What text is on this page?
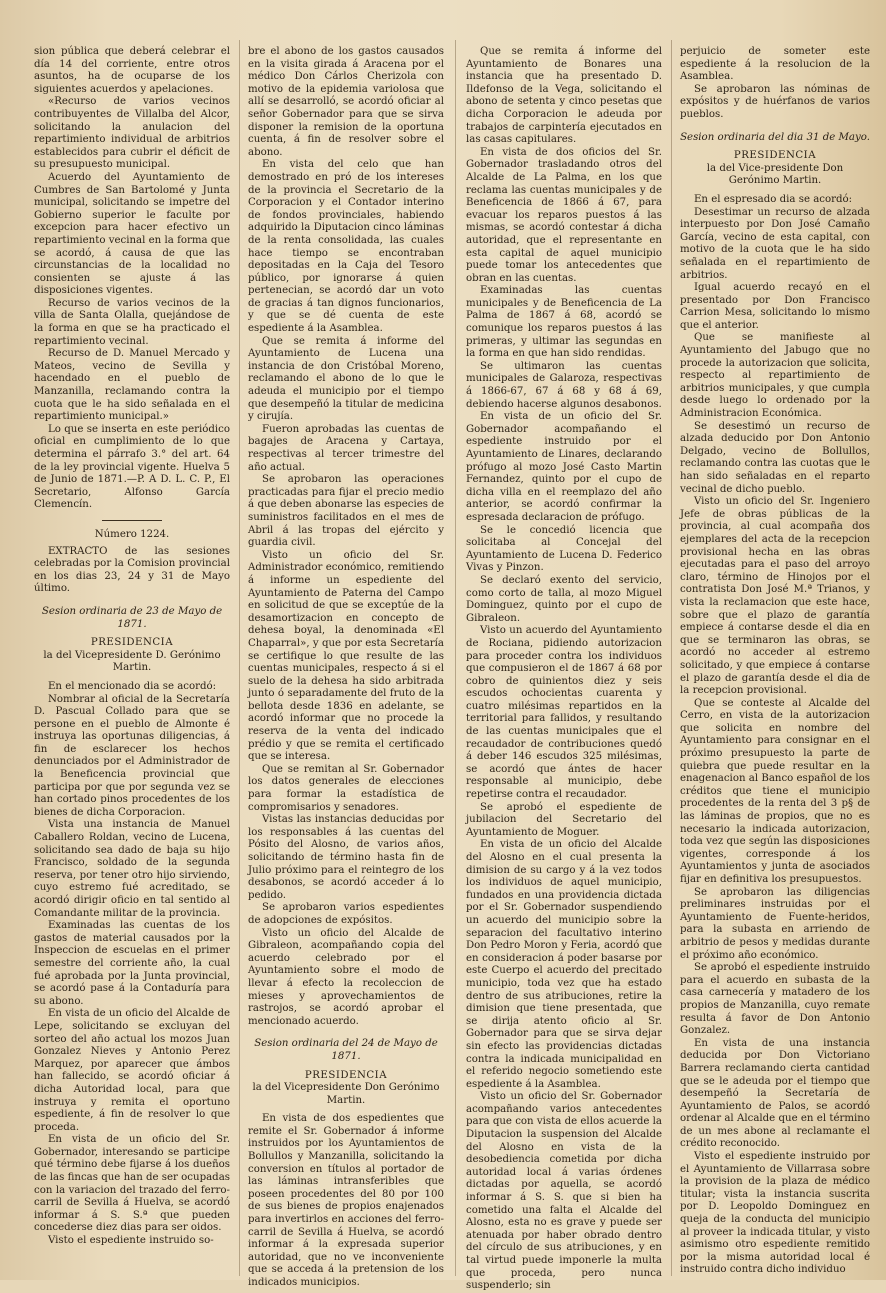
sion pública que deberá celebrar el día 14 del corriente, entre otros asuntos, ha de ocuparse de los siguientes acuerdos y apelaciones.

«Recurso de varios vecinos contribuyentes de Villalba del Alcor, solicitando la anulacion del repartimiento individual de arbitrios establecidos para cubrir el déficit de su presupuesto municipal.

Acuerdo del Ayuntamiento de Cumbres de San Bartolomé y Junta municipal, solicitando se impetre del Gobierno superior le faculte por excepcion para hacer efectivo un repartimiento vecinal en la forma que se acordó, á causa de que las circunstancias de la localidad no consienten se ajuste á las disposiciones vigentes.

Recurso de varios vecinos de la villa de Santa Olalla, quejándose de la forma en que se ha practicado el repartimiento vecinal.

Recurso de D. Manuel Mercado y Mateos, vecino de Sevilla y hacendado en el pueblo de Manzanilla, reclamando contra la cuota que le ha sido señalada en el repartimiento municipal.»

Lo que se inserta en este periódico oficial en cumplimiento de lo que determina el párrafo 3.° del art. 64 de la ley provincial vigente. Huelva 5 de Junio de 1871.—P. A D. L. C. P., El Secretario, Alfonso García Clemencín.

Número 1224.

EXTRACTO de las sesiones celebradas por la Comision provincial en los dias 23, 24 y 31 de Mayo último.

Sesion ordinaria de 23 de Mayo de 1871.

PRESIDENCIA

la del Vicepresidente D. Gerónimo Martin.

En el mencionado dia se acordó:

Nombrar al oficial de la Secretaría D. Pascual Collado para que se persone en el pueblo de Almonte é instruya las oportunas diligencias, á fin de esclarecer los hechos denunciados por el Administrador de la Beneficencia provincial que participa por que por segunda vez se han cortado pinos procedentes de los bienes de dicha Corporacion.

Vista una instancia de Manuel Caballero Roldan, vecino de Lucena, solicitando sea dado de baja su hijo Francisco, soldado de la segunda reserva, por tener otro hijo sirviendo, cuyo estremo fué acreditado, se acordó dirigir oficio en tal sentido al Comandante militar de la provincia.

Examinadas las cuentas de los gastos de material causados por la Inspeccion de escuelas en el primer semestre del corriente año, la cual fué aprobada por la Junta provincial, se acordó pase á la Contaduría para su abono.

En vista de un oficio del Alcalde de Lepe, solicitando se excluyan del sorteo del año actual los mozos Juan Gonzalez Nieves y Antonio Perez Marquez, por aparecer que ámbos han fallecido, se acordó oficiar á dicha Autoridad local, para que instruya y remita el oportuno espediente, á fin de resolver lo que proceda.

En vista de un oficio del Sr. Gobernador, interesando se participe qué término debe fijarse á los dueños de las fincas que han de ser ocupadas con la variacion del trazado del ferro-carril de Sevilla á Huelva, se acordó informar á S. S.ª que pueden concederse diez dias para ser oidos.

Visto el espediente instruido so-

bre el abono de los gastos causados en la visita girada á Aracena por el médico Don Cárlos Cherizola con motivo de la epidemia variolosa que allí se desarrolló, se acordó oficiar al señor Gobernador para que se sirva disponer la remision de la oportuna cuenta, á fin de resolver sobre el abono.

En vista del celo que han demostrado en pró de los intereses de la provincia el Secretario de la Corporacion y el Contador interino de fondos provinciales, habiendo adquirido la Diputacion cinco láminas de la renta consolidada, las cuales hace tiempo se encontraban depositadas en la Caja del Tesoro público, por ignorarse á quien pertenecian, se acordó dar un voto de gracias á tan dignos funcionarios, y que se dé cuenta de este espediente á la Asamblea.

Que se remita á informe del Ayuntamiento de Lucena una instancia de don Cristóbal Moreno, reclamando el abono de lo que le adeuda el municipio por el tiempo que desempeñó la titular de medicina y cirujía.

Fueron aprobadas las cuentas de bagajes de Aracena y Cartaya, respectivas al tercer trimestre del año actual.

Se aprobaron las operaciones practicadas para fijar el precio medio á que deben abonarse las especies de suministros facilitados en el mes de Abril á las tropas del ejército y guardia civil.

Visto un oficio del Sr. Administrador económico, remitiendo á informe un espediente del Ayuntamiento de Paterna del Campo en solicitud de que se exceptúe de la desamortizacion en concepto de dehesa boyal, la denominada «El Chaparral», y que por esta Secretaría se certifique lo que resulte de las cuentas municipales, respecto á si el suelo de la dehesa ha sido arbitrada junto ó separadamente del fruto de la bellota desde 1836 en adelante, se acordó informar que no procede la reserva de la venta del indicado prédio y que se remita el certificado que se interesa.

Que se remitan al Sr. Gobernador los datos generales de elecciones para formar la estadística de compromisarios y senadores.

Vistas las instancias deducidas por los responsables á las cuentas del Pósito del Alosno, de varios años, solicitando de término hasta fin de Julio próximo para el reintegro de los desabonos, se acordó acceder á lo pedido.

Se aprobaron varios espedientes de adopciones de expósitos.

Visto un oficio del Alcalde de Gibraleon, acompañando copia del acuerdo celebrado por el Ayuntamiento sobre el modo de llevar á efecto la recoleccion de mieses y aprovechamientos de rastrojos, se acordó aprobar el mencionado acuerdo.

Sesion ordinaria del 24 de Mayo de 1871.

PRESIDENCIA

la del Vicepresidente Don Gerónimo Martin.

En vista de dos espedientes que remite el Sr. Gobernador á informe instruidos por los Ayuntamientos de Bollullos y Manzanilla, solicitando la conversion en títulos al portador de las láminas intransferibles que poseen procedentes del 80 por 100 de sus bienes de propios enajenados para invertirlos en acciones del ferro-carril de Sevilla á Huelva, se acordó informar á la expresada superior autoridad, que no ve inconveniente que se acceda á la pretension de los indicados municipios.

Que se remita á informe del Ayuntamiento de Bonares una instancia que ha presentado D. Ildefonso de la Vega, solicitando el abono de setenta y cinco pesetas que dicha Corporacion le adeuda por trabajos de carpintería ejecutados en las casas capitulares.

En vista de dos oficios del Sr. Gobernador trasladando otros del Alcalde de La Palma, en los que reclama las cuentas municipales y de Beneficencia de 1866 á 67, para evacuar los reparos puestos á las mismas, se acordó contestar á dicha autoridad, que el representante en esta capital de aquel municipio puede tomar los antecedentes que obran en las cuentas.

Examinadas las cuentas municipales y de Beneficencia de La Palma de 1867 á 68, acordó se comunique los reparos puestos á las primeras, y ultimar las segundas en la forma en que han sido rendidas.

Se ultimaron las cuentas municipales de Galaroza, respectivas á 1866-67, 67 á 68 y 68 á 69, debiendo hacerse algunos desabonos.

En vista de un oficio del Sr. Gobernador acompañando el espediente instruido por el Ayuntamiento de Linares, declarando prófugo al mozo José Casto Martin Fernandez, quinto por el cupo de dicha villa en el reemplazo del año anterior, se acordó confirmar la espresada declaracion de prófugo.

Se le concedió licencia que solicitaba al Concejal del Ayuntamiento de Lucena D. Federico Vivas y Pinzon.

Se declaró exento del servicio, como corto de talla, al mozo Miguel Dominguez, quinto por el cupo de Gibraleon.

Visto un acuerdo del Ayuntamiento de Rociana, pidiendo autorizacion para proceder contra los individuos que compusieron el de 1867 á 68 por cobro de quinientos diez y seis escudos ochocientas cuarenta y cuatro milésimas repartidos en la territorial para fallidos, y resultando de las cuentas municipales que el recaudador de contribuciones quedó á deber 146 escudos 325 milésimas, se acordó que ántes de hacer responsable al municipio, debe repetirse contra el recaudador.

Se aprobó el espediente de jubilacion del Secretario del Ayuntamiento de Moguer.

En vista de un oficio del Alcalde del Alosno en el cual presenta la dimision de su cargo y á la vez todos los individuos de aquel municipio, fundados en una providencia dictada por el Sr. Gobernador suspendiendo un acuerdo del municipio sobre la separacion del facultativo interino Don Pedro Moron y Feria, acordó que en consideracion á poder basarse por este Cuerpo el acuerdo del precitado municipio, toda vez que ha estado dentro de sus atribuciones, retire la dimision que tiene presentada, que se dirija atento oficio al Sr. Gobernador para que se sirva dejar sin efecto las providencias dictadas contra la indicada municipalidad en el referido negocio sometiendo este espediente á la Asamblea.

Visto un oficio del Sr. Gobernador acompañando varios antecedentes para que con vista de ellos acuerde la Diputacion la suspension del Alcalde del Alosno en vista de la desobediencia cometida por dicha autoridad local á varias órdenes dictadas por aquella, se acordó informar á S. S. que si bien ha cometido una falta el Alcalde del Alosno, esta no es grave y puede ser atenuada por haber obrado dentro del círculo de sus atribuciones, y en tal virtud puede imponerle la multa que proceda, pero nunca suspenderlo; sin

perjuicio de someter este espediente á la resolucion de la Asamblea.

Se aprobaron las nóminas de expósitos y de huérfanos de varios pueblos.

Sesion ordinaria del dia 31 de Mayo.

PRESIDENCIA

la del Vice-presidente Don Gerónimo Martin.

En el espresado dia se acordó:

Desestimar un recurso de alzada interpuesto por Don José Camaño García, vecino de esta capital, con motivo de la cuota que le ha sido señalada en el repartimiento de arbitrios.

Igual acuerdo recayó en el presentado por Don Francisco Carrion Mesa, solicitando lo mismo que el anterior.

Que se manifieste al Ayuntamiento del Jabugo que no procede la autorizacion que solicita, respecto al repartimiento de arbitrios municipales, y que cumpla desde luego lo ordenado por la Administracion Económica.

Se desestimó un recurso de alzada deducido por Don Antonio Delgado, vecino de Bollullos, reclamando contra las cuotas que le han sido señaladas en el reparto vecinal de dicho pueblo.

Visto un oficio del Sr. Ingeniero Jefe de obras públicas de la provincia, al cual acompaña dos ejemplares del acta de la recepcion provisional hecha en las obras ejecutadas para el paso del arroyo claro, término de Hinojos por el contratista Don José M.ª Trianos, y vista la reclamacion que este hace, sobre que el plazo de garantía empiece á contarse desde el dia en que se terminaron las obras, se acordó no acceder al estremo solicitado, y que empiece á contarse el plazo de garantía desde el dia de la recepcion provisional.

Que se conteste al Alcalde del Cerro, en vista de la autorizacion que solicita en nombre del Ayuntamiento para consignar en el próximo presupuesto la parte de quiebra que puede resultar en la enagenacion al Banco español de los créditos que tiene el municipio procedentes de la renta del 3 p§ de las láminas de propios, que no es necesario la indicada autorizacion, toda vez que según las disposiciones vigentes, corresponde á los Ayuntamientos y junta de asociados fijar en definitiva los presupuestos.

Se aprobaron las diligencias preliminares instruidas por el Ayuntamiento de Fuente-heridos, para la subasta en arriendo de arbitrio de pesos y medidas durante el próximo año económico.

Se aprobó el espediente instruido para el acuerdo en subasta de la casa carnecería y matadero de los propios de Manzanilla, cuyo remate resulta á favor de Don Antonio Gonzalez.

En vista de una instancia deducida por Don Victoriano Barrera reclamando cierta cantidad que se le adeuda por el tiempo que desempeñó la Secretaría de Ayuntamiento de Palos, se acordó ordenar al Alcalde que en el término de un mes abone al reclamante el crédito reconocido.

Visto el espediente instruido por el Ayuntamiento de Villarrasa sobre la provision de la plaza de médico titular; vista la instancia suscrita por D. Leopoldo Dominguez en queja de la conducta del municipio al proveer la indicada titular, y visto asimismo otro espediente remitido por la misma autoridad local é instruido contra dicho individuo
